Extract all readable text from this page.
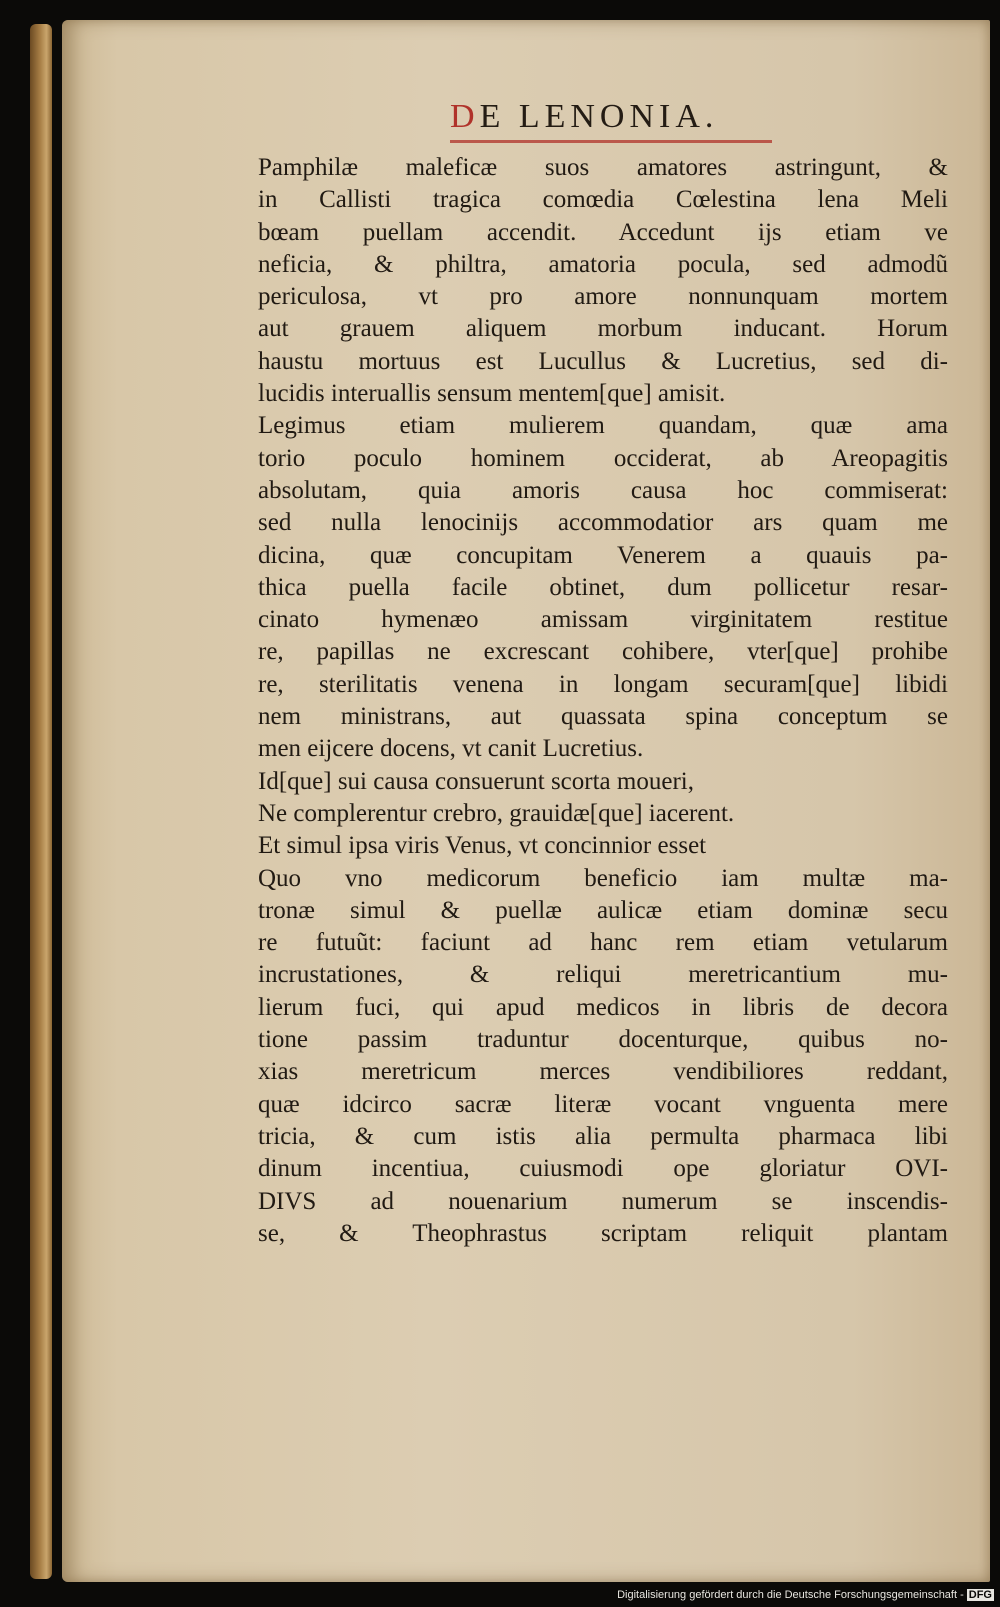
DE LENONIA.
Pamphilæ maleficæ suos amatores astringunt, &
in Callisti tragica comœdia Cœlestina lena Meli
bœam puellam accendit. Accedunt ijs etiam ve
neficia, & philtra, amatoria pocula, sed admodũ
periculosa, vt pro amore nonnunquam mortem
aut grauem aliquem morbum inducant. Horum
haustu mortuus est Lucullus & Lucretius, sed di-
lucidis interuallis sensum mentem[que] amisit.
Legimus etiam mulierem quandam, quæ ama
torio poculo hominem occiderat, ab Areopagitis
absolutam, quia amoris causa hoc commiserat:
sed nulla lenocinijs accommodatior ars quam me
dicina, quæ concupitam Venerem a quauis pa-
thica puella facile obtinet, dum pollicetur resar-
cinato hymenæo amissam virginitatem restitue
re, papillas ne excrescant cohibere, vter[que] prohibe
re, sterilitatis venena in longam securam[que] libidi
nem ministrans, aut quassata spina conceptum se
men eijcere docens, vt canit Lucretius.
Id[que] sui causa consuerunt scorta moueri,
Ne complerentur crebro, grauidæ[que] iacerent.
Et simul ipsa viris Venus, vt concinnior esset
Quo vno medicorum beneficio iam multæ ma-
tronæ simul & puellæ aulicæ etiam dominæ secu
re futuũt: faciunt ad hanc rem etiam vetularum
incrustationes, & reliqui meretricantium mu-
lierum fuci, qui apud medicos in libris de decora
tione passim traduntur docenturque, quibus no-
xias meretricum merces vendibiliores reddant,
quæ idcirco sacræ literæ vocant vnguenta mere
tricia, & cum istis alia permulta pharmaca libi
dinum incentiua, cuiusmodi ope gloriatur OVI-
DIVS ad nouenarium numerum se inscendis-
se, & Theophrastus scriptam reliquit plantam
Digitalisierung gefördert durch die Deutsche Forschungsgemeinschaft - DFG
